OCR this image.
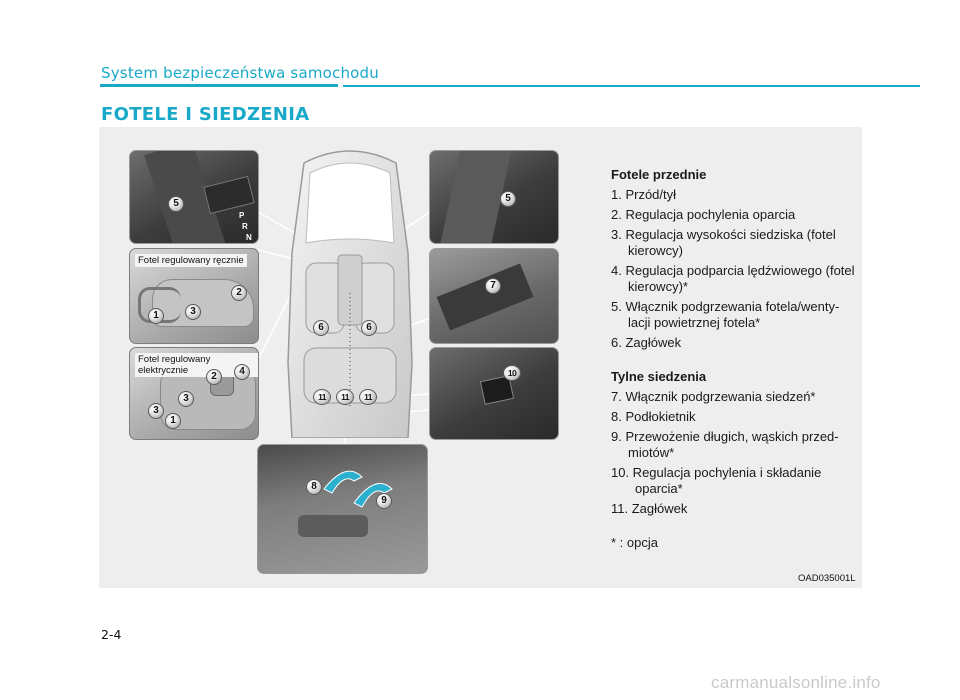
System bezpieczeństwa samochodu
FOTELE I SIEDZENIA
P
R
N
5
Fotel regulowany ręcznie
2
3
1
Fotel regulowany elektrycznie	4
2
3
3
1
6	6
11	11	11
5
7
10
8
9
Fotele przednie
1. Przód/tył
2. Regulacja pochylenia oparcia
3. Regulacja wysokości siedziska (fotel kierowcy)
4. Regulacja podparcia lędźwiowego (fotel kierowcy)*
5. Włącznik podgrzewania fotela/wenty-lacji powietrznej fotela*
6. Zagłówek
Tylne siedzenia
7. Włącznik podgrzewania siedzeń*
8. Podłokietnik
9. Przewożenie długich, wąskich przed-miotów*
10. Regulacja pochylenia i składanie oparcia*
11. Zagłówek
* : opcja
OAD035001L
2-4
carmanualsonline.info
